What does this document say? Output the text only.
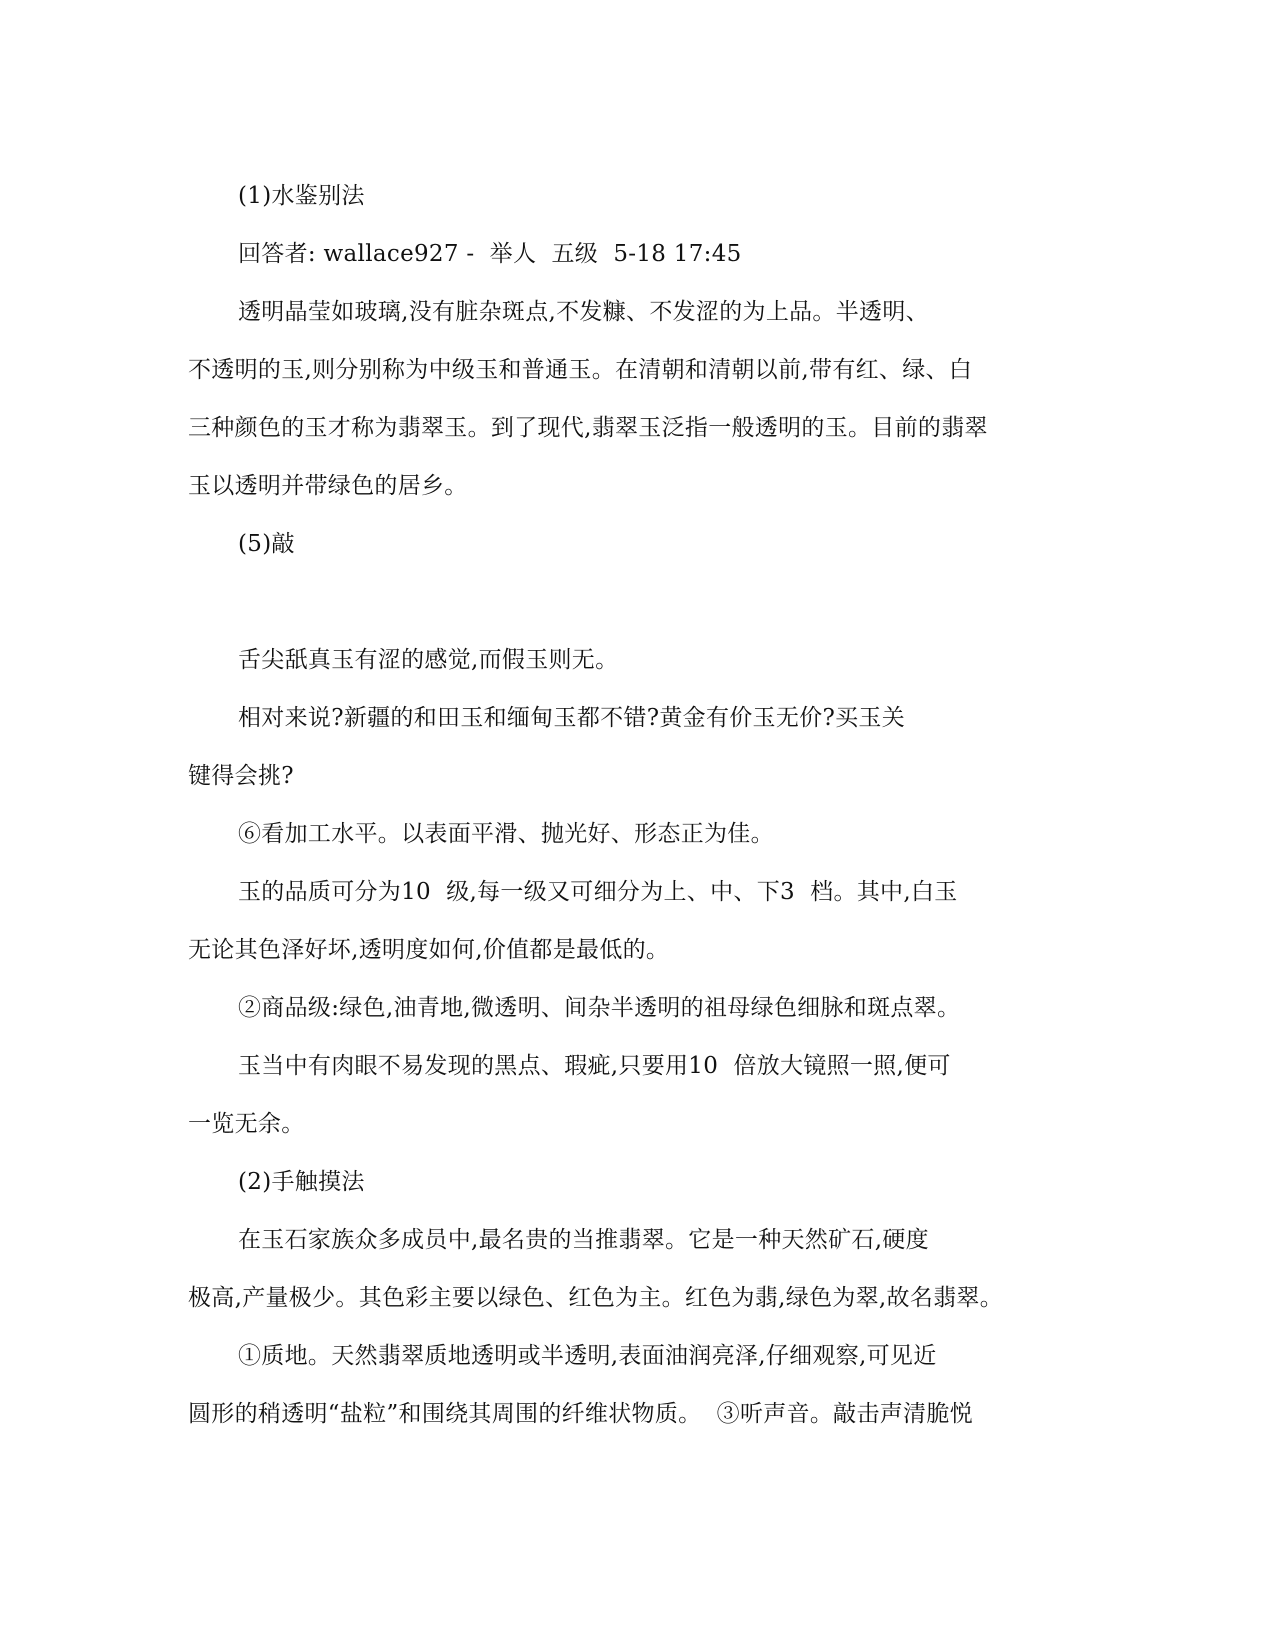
(1)水鉴别法
回答者: wallace927 -  举人  五级  5-18 17:45
透明晶莹如玻璃,没有脏杂斑点,不发糠、不发涩的为上品。半透明、
不透明的玉,则分别称为中级玉和普通玉。在清朝和清朝以前,带有红、绿、白
三种颜色的玉才称为翡翠玉。到了现代,翡翠玉泛指一般透明的玉。目前的翡翠
玉以透明并带绿色的居乡。
(5)敲
舌尖舐真玉有涩的感觉,而假玉则无。
相对来说?新疆的和田玉和缅甸玉都不错?黄金有价玉无价?买玉关
键得会挑?
⑥看加工水平。以表面平滑、抛光好、形态正为佳。
玉的品质可分为10  级,每一级又可细分为上、中、下3  档。其中,白玉
无论其色泽好坏,透明度如何,价值都是最低的。
②商品级:绿色,油青地,微透明、间杂半透明的祖母绿色细脉和斑点翠。
玉当中有肉眼不易发现的黑点、瑕疵,只要用10  倍放大镜照一照,便可
一览无余。
(2)手触摸法
在玉石家族众多成员中,最名贵的当推翡翠。它是一种天然矿石,硬度
极高,产量极少。其色彩主要以绿色、红色为主。红色为翡,绿色为翠,故名翡翠。
①质地。天然翡翠质地透明或半透明,表面油润亮泽,仔细观察,可见近
圆形的稍透明“盐粒”和围绕其周围的纤维状物质。  ③听声音。敲击声清脆悦
